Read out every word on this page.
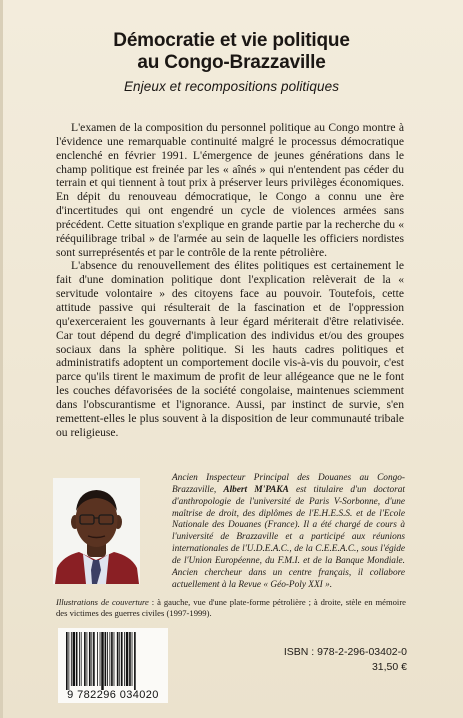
Démocratie et vie politique
au Congo-Brazzaville
Enjeux et recompositions politiques

L'examen de la composition du personnel politique au Congo montre à l'évidence une remarquable continuité malgré le processus démocratique enclenché en février 1991. L'émergence de jeunes générations dans le champ politique est freinée par les « aînés » qui n'entendent pas céder du terrain et qui tiennent à tout prix à préserver leurs privilèges économiques. En dépit du renouveau démocratique, le Congo a connu une ère d'incertitudes qui ont engendré un cycle de violences armées sans précédent. Cette situation s'explique en grande partie par la recherche du « rééquilibrage tribal » de l'armée au sein de laquelle les officiers nordistes sont surreprésentés et par le contrôle de la rente pétrolière.

L'absence du renouvellement des élites politiques est certainement le fait d'une domination politique dont l'explication relèverait de la « servitude volontaire » des citoyens face au pouvoir. Toutefois, cette attitude passive qui résulterait de la fascination et de l'oppression qu'exerceraient les gouvernants à leur égard mériterait d'être relativisée. Car tout dépend du degré d'implication des individus et/ou des groupes sociaux dans la sphère politique. Si les hauts cadres politiques et administratifs adoptent un comportement docile vis-à-vis du pouvoir, c'est parce qu'ils tirent le maximum de profit de leur allégeance que ne le font les couches défavorisées de la société congolaise, maintenues sciemment dans l'obscurantisme et l'ignorance. Aussi, par instinct de survie, s'en remettent-elles le plus souvent à la disposition de leur communauté tribale ou religieuse.

Ancien Inspecteur Principal des Douanes au Congo-Brazzaville, Albert M'PAKA est titulaire d'un doctorat d'anthropologie de l'université de Paris V-Sorbonne, d'une maîtrise de droit, des diplômes de l'E.H.E.S.S. et de l'Ecole Nationale des Douanes (France). Il a été chargé de cours à l'université de Brazzaville et a participé aux réunions internationales de l'U.D.E.A.C., de la C.E.E.A.C., sous l'égide de l'Union Européenne, du F.M.I. et de la Banque Mondiale. Ancien chercheur dans un centre français, il collabore actuellement à la Revue « Géo-Poly XXI ».
Illustrations de couverture : à gauche, vue d'une plate-forme pétrolière ; à droite, stèle en mémoire des victimes des guerres civiles (1997-1999).
9 782296 034020
ISBN : 978-2-296-03402-0
31,50 €
